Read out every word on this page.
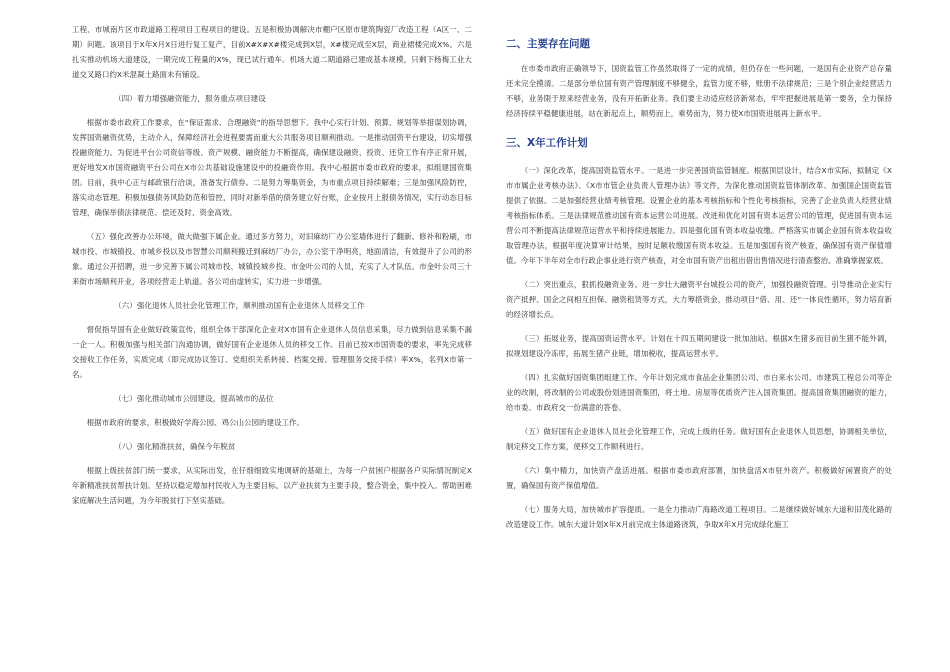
工程、市城南片区市政道路工程项目工程项目的建设。五是积极协调解决市棚户区原市建筑陶瓷厂改造工程（A区一、二期）问题。该项目于X年X月X日进行复工复产，目前X#X#X#楼完成到X层，X#楼完成至X层，商业裙楼完成X%。六是扎实推动机场大道建设，一期完成工程量的X%，现已试行通车。机场大道二期道路已建成基本规模，只剩下杨梅工业大道交叉路口约X米混凝土路面未有铺设。

（四）着力增强融资能力，服务重点项目建设

根据市委市政府工作要求，在“保证需求、合理融资”的指导思想下。我中心实行计划、预算、规划等举措谋划协调，发挥国资融资优势，主动介入，保障经济社会进程要需而重大公共服务项目顺利推动。一是推动国资平台建设，切实增强投融资能力。为促进平台公司资信等级、资产规模、融资能力不断提高，确保建设融资、投资、还贷工作有序正常开展，更好地发X市国资融资平台公司在X市公共基础设施建设中的投融资作用。我中心根据市委市政府的要求，拟组建国资集团。目前，我中心正与邮政银行洽谈，准备发行债券。二是努力筹集资金，为市重点项目持续解难；三是加强风险防控，落实动态管理。积极加强债务风险防范和管控，同时对新举借的债务建立好台账，企业按月上报债务情况，实行动态目标管理，确保举债法律规范、偿还及时、资金高效。

（五）强化改善办公环境，做大做强下属企业。通过多方努力，对旧麻纺厂办公室墙体进行了翻新、修补和粉刷，市城市投、市城镇投、市城乡投以及市智慧公司顺利搬迁到麻纺厂办公，办公室干净明亮，地面清洁，有效提升了公司的形象。通过公开招聘，进一步完善下属公司城市投、城镇投城乡投、市金叶公司的人员，充实了人才队伍。市金叶公司三十来街市场顺利开业，各项经营走上轨道。各公司由虚转实，实力进一步增强。

（六）强化退休人员社会化管理工作，顺利推动国有企业退休人员移交工作

督促指导国有企业做好政策宣传，组织全体干部深化企业对X市国有企业退休人员信息采集，尽力做到信息采集不漏一企一人。积极加强与相关部门沟通协调，做好国有企业退休人员的移交工作。目前已按X市国资委的要求，率先完成移交接收工作任务，实质完成（即完成协议签订、党组织关系转接、档案交接、管理服务交接手续）率X%，名列X市第一名。

（七）强化推动城市公园建设，提高城市的品位

根据市政府的要求，积极做好学海公园、鸡公山公园的建设工作。

（八）强化精准扶贫，确保今年脱贫

根据上级扶贫部门统一要求，从实际出发，在仔细细致实地调研的基础上，为每一户贫困户根据各户实际情况制定X年新精准扶贫帮扶计划。坚持以稳定增加村民收入为主要目标，以产业扶贫为主要手段，整合资金，集中投入。帮助困难家庭解决生活问题，为今年脱贫打下坚实基础。

二、主要存在问题

在市委市政府正确领导下，国资监管工作虽然取得了一定的成绩，但仍存在一些问题，一是国有企业资产总存量还未完全摸清。二是部分单位国有资产管理制度不够健全，监管力度不够，账册不法律规范；三是个别企业经营活力不够，业务限于原来经营业务，没有开拓新业务。我们要主动适应经济新常态，牢牢把握进展是第一要务，全力保持经济持续平稳健康进展，站在新起点上，顺势而上，乘势而为，努力使X市国资进展再上新水平。

三、X年工作计划

（一）深化改革，提高国资监管水平。一是进一步完善国资监管制度。根据顶层设计，结合X市实际，拟制定《X市市属企业考核办法》、《X市市管企业负责人管理办法》等文件，为深化推动国资监管体制改革、加强国企国资监管提供了依据。二是加强经营业绩考核管理。设置企业的基本考核指标和个性化考核指标，完善了企业负责人经营业绩考核指标体系。三是法律规范推动国有资本运营公司进展。改进和优化对国有资本运营公司的管理，促进国有资本运营公司不断提高法律规范运营水平和持续进展能力。四是强化国有资本收益收缴。严格落实市属企业国有资本收益收取管理办法，根据年度决算审计结果，按时足额收缴国有资本收益。五是加强国有资产核查，确保国有资产保值增值。今年下半年对全市行政企事业进行资产核查，对全市国有资产出租出借出售情况进行清查整治。准确掌握家底。

（二）突出重点，狠抓投融资业务。进一步壮大融资平台城投公司的资产，加强投融资管理。引导推动企业实行资产抵押、国企之间相互担保、融资租赁等方式，大力筹措资金，推动项目“借、用、还”一体良性循环，努力培育新的经济增长点。

（三）拓展业务，提高国资运营水平。计划在十四五期间建设一批加油站。根据X生猪多而目前生猪不能外调，拟规划建设冷冻库，拓展生猪产业链，增加税收，提高运营水平。

（四）扎实做好国资集团组建工作。今年计划完成市食品企业集团公司、市白来水公司、市建筑工程总公司等企业的改制，将改制的公司或股份划进国资集团，将土地、房屋等优质资产注入国资集团。提高国资集团融资的能力，给市委、市政府交一份满意的答卷。

（五）做好国有企业退休人员社会化管理工作，完成上级的任务。做好国有企业退休人员思想，协调相关单位，制定移交工作方案，使移交工作顺利进行。

（六）集中精力，加快资产盘活进展。根据市委市政府部署，加快盘活X市驻外资产。积极做好闲置资产的处置，确保国有资产保值增值。

（七）服务大局，加快城市扩容提质。一是全力推动广海路改道工程项目。二是继续做好城东大道和旧茂化路的改造建设工作。城东大道计划X年X月前完成主体道路浇筑，争取X年X月完成绿化施工
